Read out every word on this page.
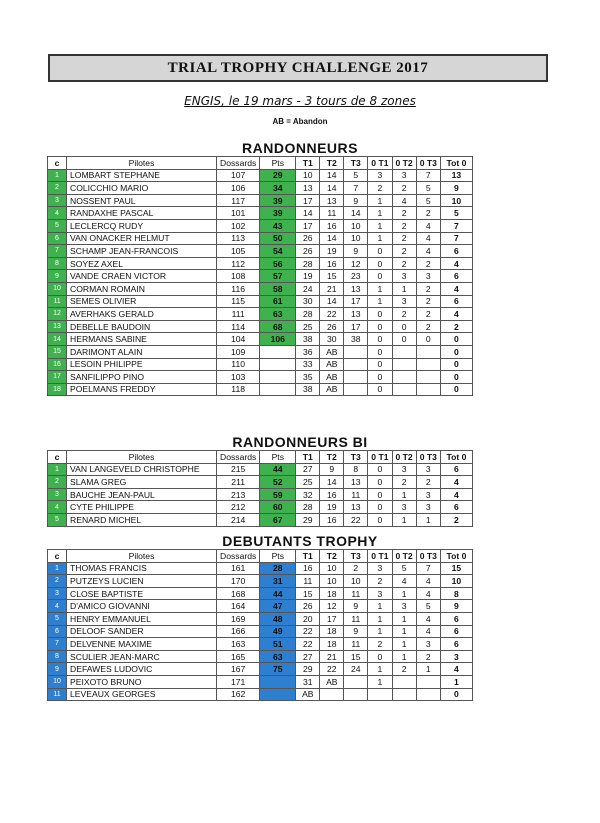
TRIAL TROPHY CHALLENGE 2017
ENGIS, le 19 mars - 3 tours de 8 zones
AB = Abandon
RANDONNEURS
c	Pilotes	Dossards	Pts	T1	T2	T3	0 T1	0 T2	0 T3	Tot 0
1	LOMBART STEPHANE	107	29	10	14	5	3	3	7	13
2	COLICCHIO MARIO	106	34	13	14	7	2	2	5	9
3	NOSSENT PAUL	117	39	17	13	9	1	4	5	10
4	RANDAXHE PASCAL	101	39	14	11	14	1	2	2	5
5	LECLERCQ RUDY	102	43	17	16	10	1	2	4	7
6	VAN ONACKER HELMUT	113	50	26	14	10	1	2	4	7
7	SCHAMP JEAN-FRANCOIS	105	54	26	19	9	0	2	4	6
8	SOYEZ AXEL	112	56	28	16	12	0	2	2	4
9	VANDE CRAEN VICTOR	108	57	19	15	23	0	3	3	6
10	CORMAN ROMAIN	116	58	24	21	13	1	1	2	4
11	SEMES OLIVIER	115	61	30	14	17	1	3	2	6
12	AVERHAKS GERALD	111	63	28	22	13	0	2	2	4
13	DEBELLE BAUDOIN	114	68	25	26	17	0	0	2	2
14	HERMANS SABINE	104	106	38	30	38	0	0	0	0
15	DARIMONT ALAIN	109		36	AB		0			0
16	LESOIN PHILIPPE	110		33	AB		0			0
17	SANFILIPPO PINO	103		35	AB		0			0
18	POELMANS FREDDY	118		38	AB		0			0
RANDONNEURS BI
c	Pilotes	Dossards	Pts	T1	T2	T3	0 T1	0 T2	0 T3	Tot 0
1	VAN LANGEVELD CHRISTOPHE	215	44	27	9	8	0	3	3	6
2	SLAMA GREG	211	52	25	14	13	0	2	2	4
3	BAUCHE JEAN-PAUL	213	59	32	16	11	0	1	3	4
4	CYTE PHILIPPE	212	60	28	19	13	0	3	3	6
5	RENARD MICHEL	214	67	29	16	22	0	1	1	2
DEBUTANTS TROPHY
c	Pilotes	Dossards	Pts	T1	T2	T3	0 T1	0 T2	0 T3	Tot 0
1	THOMAS FRANCIS	161	28	16	10	2	3	5	7	15
2	PUTZEYS LUCIEN	170	31	11	10	10	2	4	4	10
3	CLOSE BAPTISTE	168	44	15	18	11	3	1	4	8
4	D'AMICO GIOVANNI	164	47	26	12	9	1	3	5	9
5	HENRY EMMANUEL	169	48	20	17	11	1	1	4	6
6	DELOOF SANDER	166	49	22	18	9	1	1	4	6
7	DELVENNE MAXIME	163	51	22	18	11	2	1	3	6
8	SCULIER JEAN-MARC	165	63	27	21	15	0	1	2	3
9	DEFAWES LUDOVIC	167	75	29	22	24	1	2	1	4
10	PEIXOTO BRUNO	171		31	AB		1			1
11	LEVEAUX GEORGES	162		AB						0
